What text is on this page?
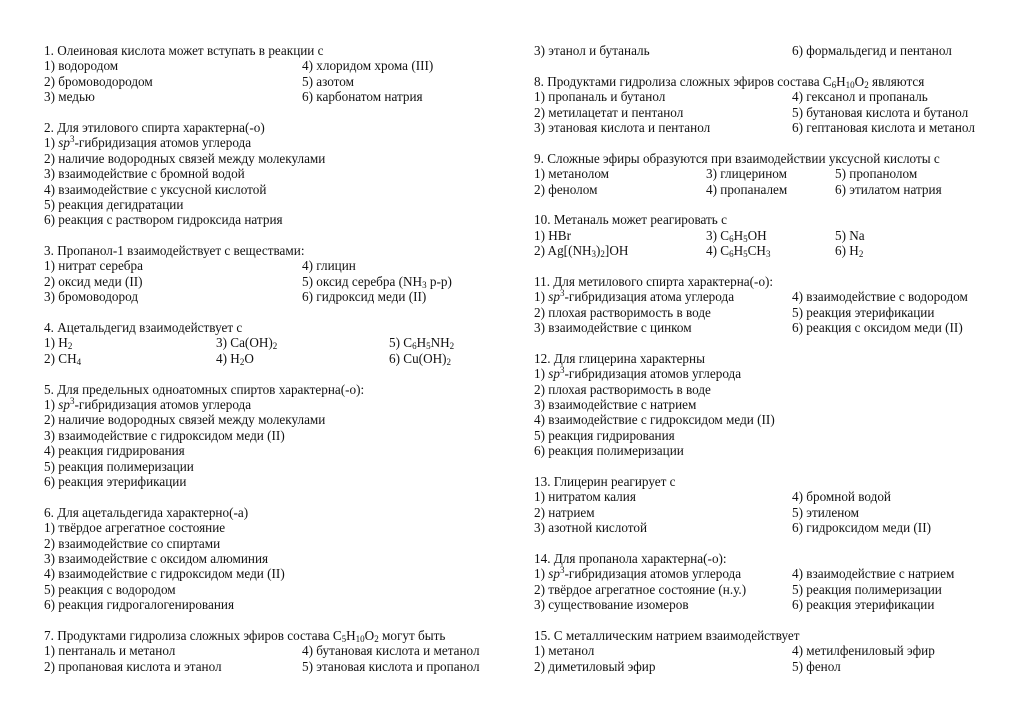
1. Олеиновая кислота может вступать в реакции с
1) водородом	4) хлоридом хрома (III)
2) бромоводородом	5) азотом
3) медью	6) карбонатом натрия
2. Для этилового спирта характерна(-о)
1) $sp^3$-гибридизация атомов углерода
2) наличие водородных связей между молекулами
3) взаимодействие с бромной водой
4) взаимодействие с уксусной кислотой
5) реакция дегидратации
6) реакция с раствором гидроксида натрия
3. Пропанол-1 взаимодействует с веществами:
1) нитрат серебра	4) глицин
2) оксид меди (II)	5) оксид серебра ($NH_3$ р-р)
3) бромоводород	6) гидроксид меди (II)
4. Ацетальдегид взаимодействует с
1) $H_2$	3) $Ca(OH)_2$	5) $C_6H_5NH_2$
2) $CH_4$	4) $H_2O$	6) $Cu(OH)_2$
5. Для предельных одноатомных спиртов характерна(-о):
1) $sp^3$-гибридизация атомов углерода
2) наличие водородных связей между молекулами
3) взаимодействие с гидроксидом меди (II)
4) реакция гидрирования
5) реакция полимеризации
6) реакция этерификации
6. Для ацетальдегида характерно(-а)
1) твёрдое агрегатное состояние
2) взаимодействие со спиртами
3) взаимодействие с оксидом алюминия
4) взаимодействие с гидроксидом меди (II)
5) реакция с водородом
6) реакция гидрогалогенирования
7. Продуктами гидролиза сложных эфиров состава $C_5H_{10}O_2$ могут быть
1) пентаналь и метанол	4) бутановая кислота и метанол
2) пропановая кислота и этанол	5) этановая кислота и пропанол
3) этанол и бутаналь	6) формальдегид и пентанол
8. Продуктами гидролиза сложных эфиров состава $C_6H_{10}O_2$ являются
1) пропаналь и бутанол	4) гексанол и пропаналь
2) метилацетат и пентанол	5) бутановая кислота и бутанол
3) этановая кислота и пентанол	6) гептановая кислота и метанол
9. Сложные эфиры образуются при взаимодействии уксусной кислоты с
1) метанолом	3) глицерином	5) пропанолом
2) фенолом	4) пропаналем	6) этилатом натрия
10. Метаналь может реагировать с
1) HBr	3) $C_6H_5OH$	5) Na
2) $Ag[(NH_3)_2]OH$	4) $C_6H_5CH_3$	6) $H_2$
11. Для метилового спирта характерна(-о):
1) $sp^3$-гибридизация атома углерода	4) взаимодействие с водородом
2) плохая растворимость в воде	5) реакция этерификации
3) взаимодействие с цинком	6) реакция с оксидом меди (II)
12. Для глицерина характерны
1) $sp^3$-гибридизация атомов углерода
2) плохая растворимость в воде
3) взаимодействие с натрием
4) взаимодействие с гидроксидом меди (II)
5) реакция гидрирования
6) реакция полимеризации
13. Глицерин реагирует с
1) нитратом калия	4) бромной водой
2) натрием	5) этиленом
3) азотной кислотой	6) гидроксидом меди (II)
14. Для пропанола характерна(-о):
1) $sp^3$-гибридизация атомов углерода	4) взаимодействие с натрием
2) твёрдое агрегатное состояние (н.у.)	5) реакция полимеризации
3) существование изомеров	6) реакция этерификации
15. С металлическим натрием взаимодействует
1) метанол	4) метилфениловый эфир
2) диметиловый эфир	5) фенол
